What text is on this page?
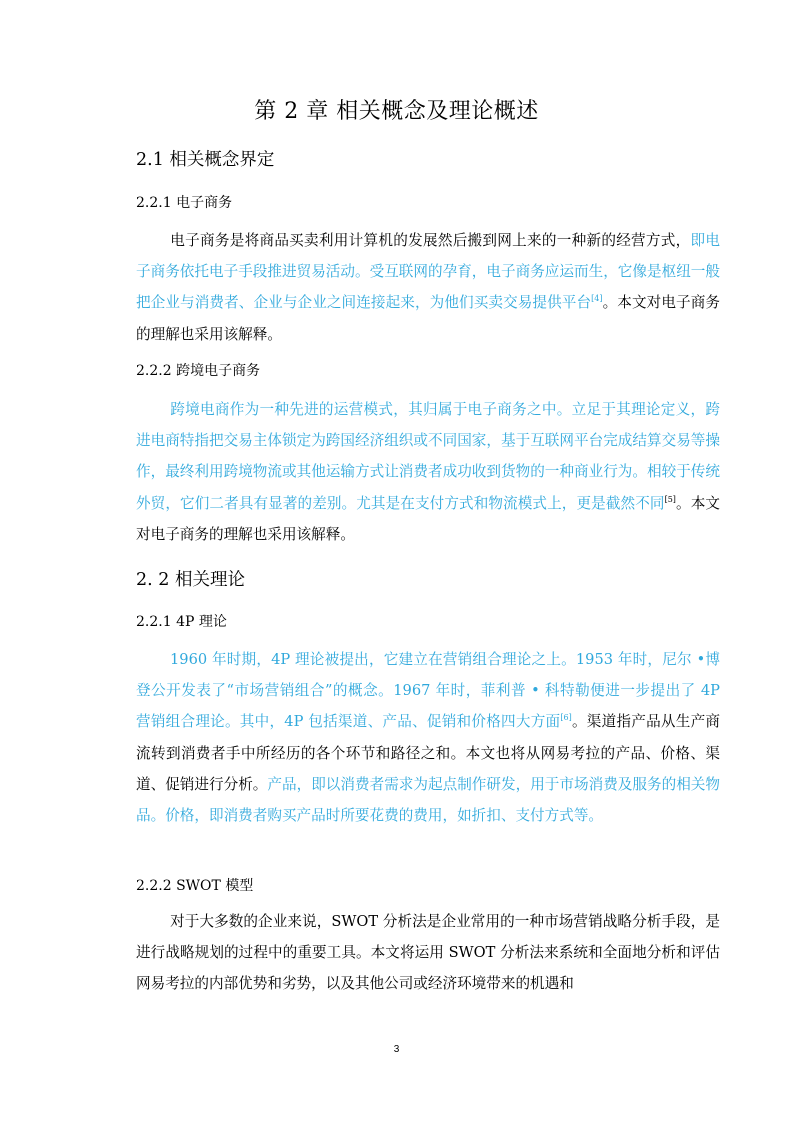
第 2 章 相关概念及理论概述
2.1 相关概念界定
2.2.1 电子商务
电子商务是将商品买卖利用计算机的发展然后搬到网上来的一种新的经营方式，即电子商务依托电子手段推进贸易活动。受互联网的孕育，电子商务应运而生，它像是枢纽一般把企业与消费者、企业与企业之间连接起来，为他们买卖交易提供平台[4]。本文对电子商务的理解也采用该解释。
2.2.2 跨境电子商务
跨境电商作为一种先进的运营模式，其归属于电子商务之中。立足于其理论定义，跨进电商特指把交易主体锁定为跨国经济组织或不同国家，基于互联网平台完成结算交易等操作，最终利用跨境物流或其他运输方式让消费者成功收到货物的一种商业行为。相较于传统外贸，它们二者具有显著的差别。尤其是在支付方式和物流模式上，更是截然不同[5]。本文对电子商务的理解也采用该解释。
2. 2 相关理论
2.2.1 4P 理论
1960 年时期，4P 理论被提出，它建立在营销组合理论之上。1953 年时，尼尔 •博登公开发表了“市场营销组合”的概念。1967 年时，菲利普 • 科特勒便进一步提出了 4P 营销组合理论。其中，4P 包括渠道、产品、促销和价格四大方面[6]。渠道指产品从生产商流转到消费者手中所经历的各个环节和路径之和。本文也将从网易考拉的产品、价格、渠道、促销进行分析。产品，即以消费者需求为起点制作研发，用于市场消费及服务的相关物品。价格，即消费者购买产品时所要花费的费用，如折扣、支付方式等。
2.2.2 SWOT 模型
对于大多数的企业来说，SWOT 分析法是企业常用的一种市场营销战略分析手段，是进行战略规划的过程中的重要工具。本文将运用 SWOT 分析法来系统和全面地分析和评估网易考拉的内部优势和劣势，以及其他公司或经济环境带来的机遇和
3
